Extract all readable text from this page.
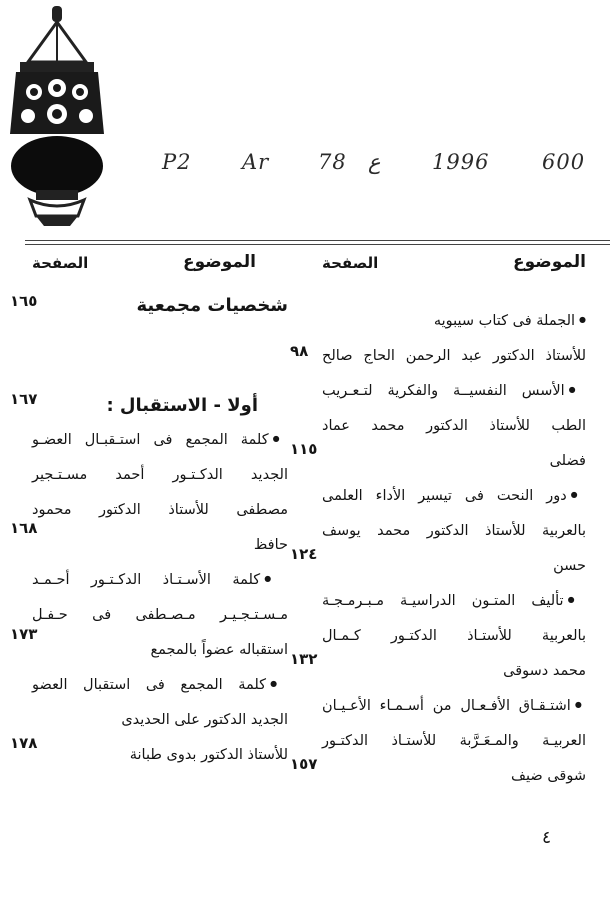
P2 Ar 78 ع 1996	600
الموضوع
الصفحة
● الجملة فى كتاب سيبويه
للأستاذ الدكتور عبد الرحمن الحاج صالح
٩٨
● الأسس النفسيــة والفكرية لتـعـريب
الطب للأستاذ الدكتور محمد عماد
فضلى
١١٥
● دور النحت فى تيسير الأداء العلمى
بالعربية للأستاذ الدكتور محمد يوسف
حسن
١٢٤
● تأليف المتـون الدراسيـة مـبـرمـجـة
بالعربية للأستـاذ الدكتـور كـمـال
محمد دسوقى
١٣٢
● اشتـقـاق الأفـعـال من أسـمـاء الأعـيـان
العربيـة والمـعَـرَّبة للأستـاذ الدكتـور
شوقى ضيف
١٥٧
الموضوع
الصفحة
شخصيات مجمعية
١٦٥
أولا - الاستقبال :
١٦٧
● كلمة المجمع فى استـقبـال العضـو
الجديد الدكـتـور أحمد مسـتـجير
مصطفى للأستاذ الدكتور محمود
حافظ
١٦٨
● كلمة الأسـتـاذ الدكـتـور أحـمـد
مـسـتـجـيـر مـصـطفى فى حـفـل
استقباله عضواً بالمجمع
١٧٣
● كلمة المجمع فى استقبال العضو
الجديد الدكتور على الحديدى
للأستاذ الدكتور بدوى طبانة
١٧٨
٤
